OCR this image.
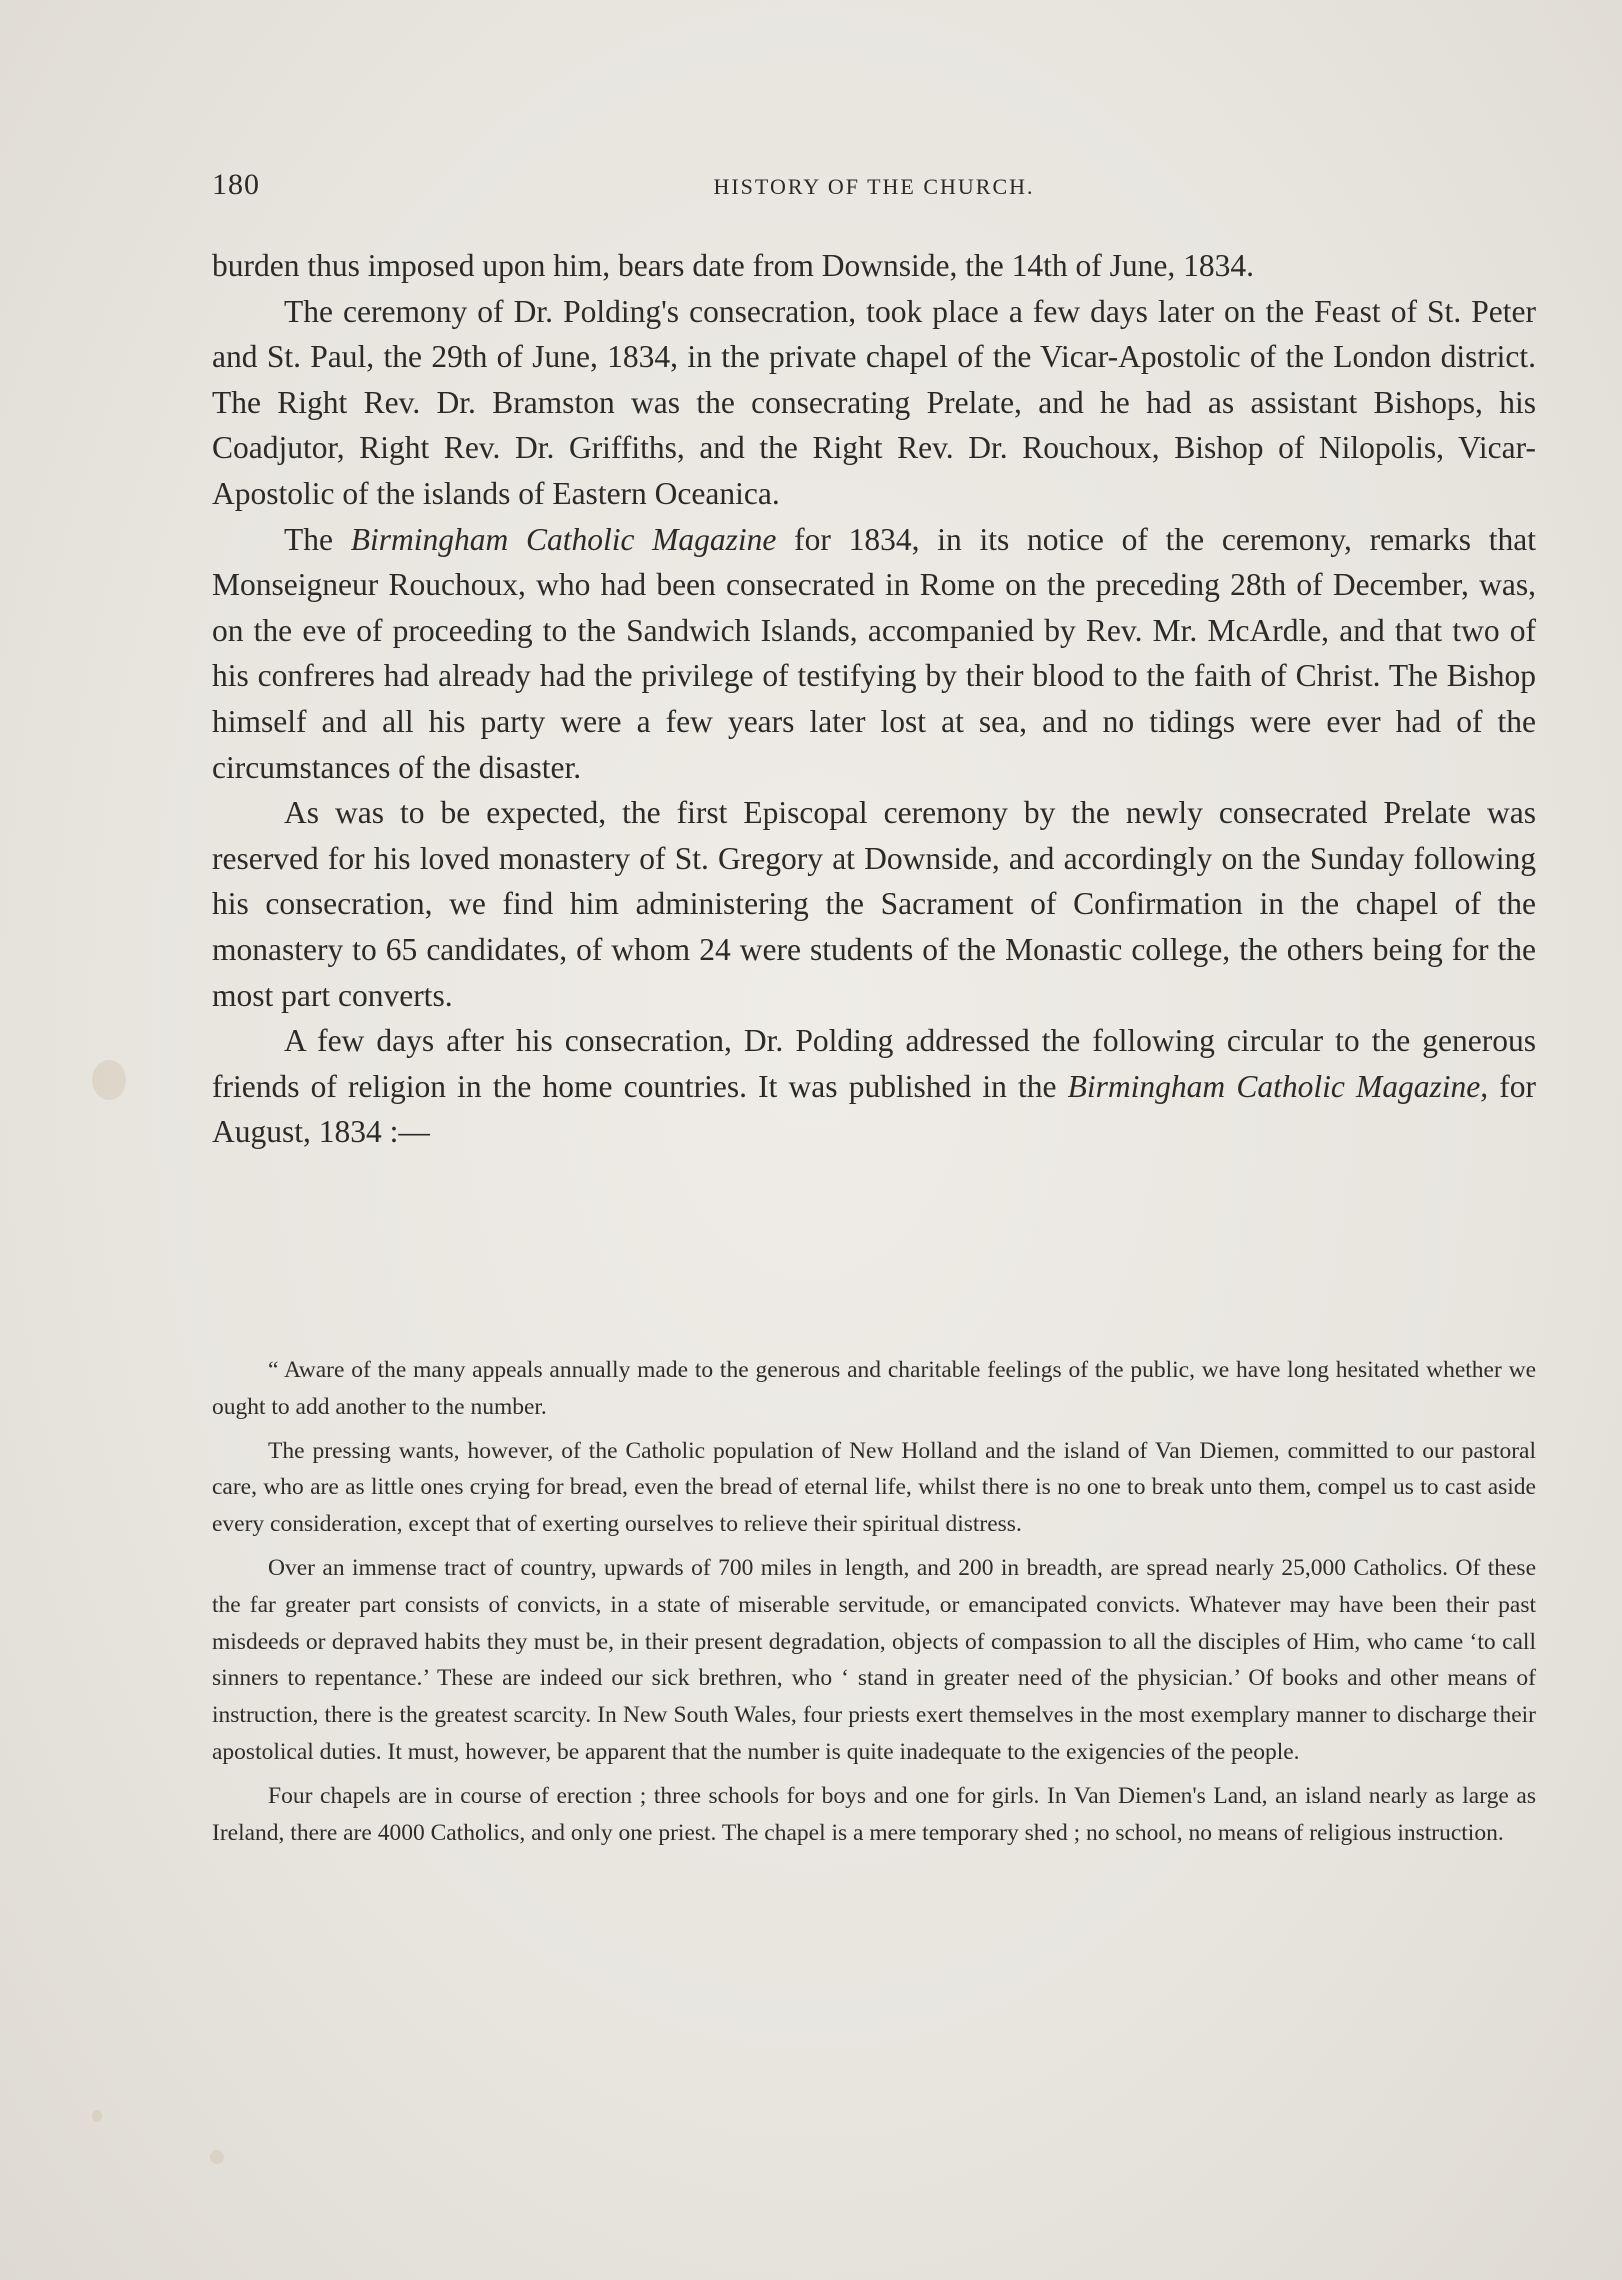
180	HISTORY OF THE CHURCH.

burden thus imposed upon him, bears date from Downside, the 14th of June, 1834.

The ceremony of Dr. Polding's consecration, took place a few days later on the Feast of St. Peter and St. Paul, the 29th of June, 1834, in the private chapel of the Vicar-Apostolic of the London district. The Right Rev. Dr. Bramston was the consecrating Prelate, and he had as assistant Bishops, his Coadjutor, Right Rev. Dr. Griffiths, and the Right Rev. Dr. Rouchoux, Bishop of Nilopolis, Vicar-Apostolic of the islands of Eastern Oceanica.

The Birmingham Catholic Magazine for 1834, in its notice of the ceremony, remarks that Monseigneur Rouchoux, who had been consecrated in Rome on the preceding 28th of December, was, on the eve of proceeding to the Sandwich Islands, accompanied by Rev. Mr. McArdle, and that two of his confreres had already had the privilege of testifying by their blood to the faith of Christ. The Bishop himself and all his party were a few years later lost at sea, and no tidings were ever had of the circumstances of the disaster.

As was to be expected, the first Episcopal ceremony by the newly consecrated Prelate was reserved for his loved monastery of St. Gregory at Downside, and accordingly on the Sunday following his consecration, we find him administering the Sacrament of Confirmation in the chapel of the monastery to 65 candidates, of whom 24 were students of the Monastic college, the others being for the most part converts.

A few days after his consecration, Dr. Polding addressed the following circular to the generous friends of religion in the home countries. It was published in the Birmingham Catholic Magazine, for August, 1834 :—

“ Aware of the many appeals annually made to the generous and charitable feelings of the public, we have long hesitated whether we ought to add another to the number.

The pressing wants, however, of the Catholic population of New Holland and the island of Van Diemen, committed to our pastoral care, who are as little ones crying for bread, even the bread of eternal life, whilst there is no one to break unto them, compel us to cast aside every consideration, except that of exerting ourselves to relieve their spiritual distress.

Over an immense tract of country, upwards of 700 miles in length, and 200 in breadth, are spread nearly 25,000 Catholics. Of these the far greater part consists of convicts, in a state of miserable servitude, or emancipated convicts. Whatever may have been their past misdeeds or depraved habits they must be, in their present degradation, objects of compassion to all the disciples of Him, who came ‘to call sinners to repentance.’ These are indeed our sick brethren, who ‘ stand in greater need of the physician.’ Of books and other means of instruction, there is the greatest scarcity. In New South Wales, four priests exert themselves in the most exemplary manner to discharge their apostolical duties. It must, however, be apparent that the number is quite inadequate to the exigencies of the people.

Four chapels are in course of erection ; three schools for boys and one for girls. In Van Diemen's Land, an island nearly as large as Ireland, there are 4000 Catholics, and only one priest. The chapel is a mere temporary shed ; no school, no means of religious instruction.
